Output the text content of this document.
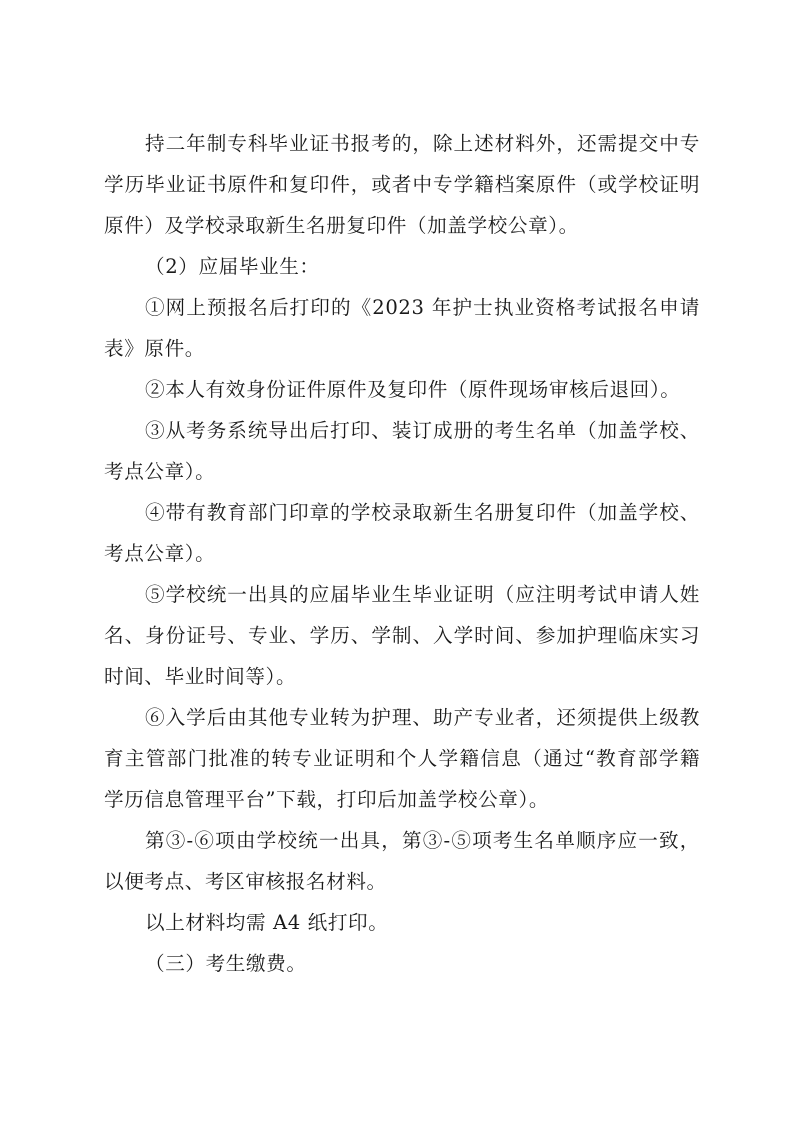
持二年制专科毕业证书报考的，除上述材料外，还需提交中专学历毕业证书原件和复印件，或者中专学籍档案原件（或学校证明原件）及学校录取新生名册复印件（加盖学校公章）。

（2）应届毕业生：

①网上预报名后打印的《2023 年护士执业资格考试报名申请表》原件。

②本人有效身份证件原件及复印件（原件现场审核后退回）。

③从考务系统导出后打印、装订成册的考生名单（加盖学校、考点公章）。

④带有教育部门印章的学校录取新生名册复印件（加盖学校、考点公章）。

⑤学校统一出具的应届毕业生毕业证明（应注明考试申请人姓名、身份证号、专业、学历、学制、入学时间、参加护理临床实习时间、毕业时间等）。

⑥入学后由其他专业转为护理、助产专业者，还须提供上级教育主管部门批准的转专业证明和个人学籍信息（通过“教育部学籍学历信息管理平台”下载，打印后加盖学校公章）。

第③-⑥项由学校统一出具，第③-⑤项考生名单顺序应一致，以便考点、考区审核报名材料。

以上材料均需 A4 纸打印。

（三）考生缴费。
